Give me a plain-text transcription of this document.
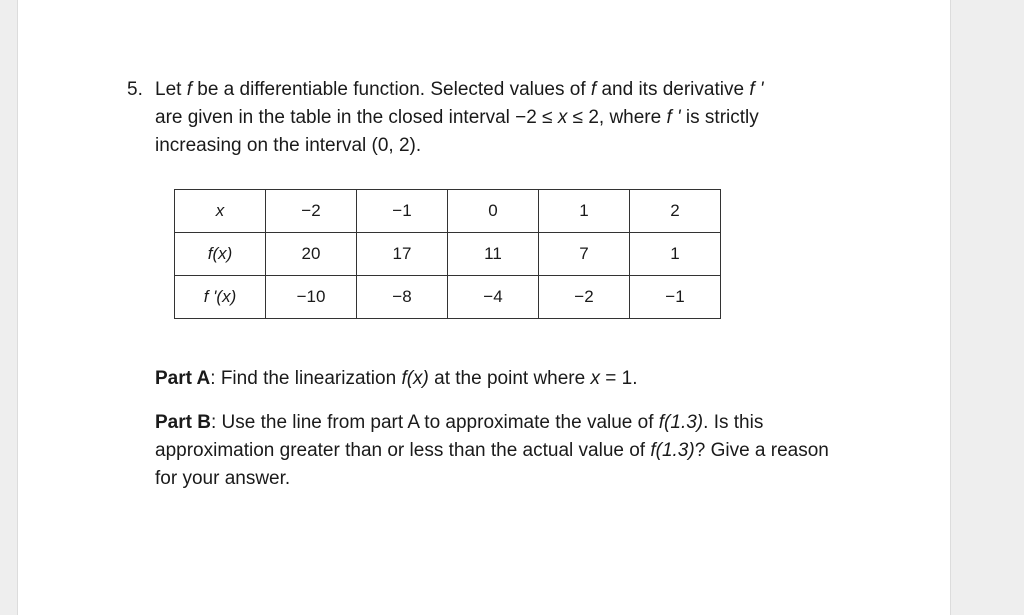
5. Let f be a differentiable function. Selected values of f and its derivative f '
are given in the table in the closed interval −2 ≤ x ≤ 2, where f ' is strictly
increasing on the interval (0, 2).
x	−2	−1	0	1	2
f(x)	20	17	11	7	1
f '(x)	−10	−8	−4	−2	−1

Part A: Find the linearization f(x) at the point where x = 1.

Part B: Use the line from part A to approximate the value of f(1.3). Is this approximation greater than or less than the actual value of f(1.3)? Give a reason for your answer.
